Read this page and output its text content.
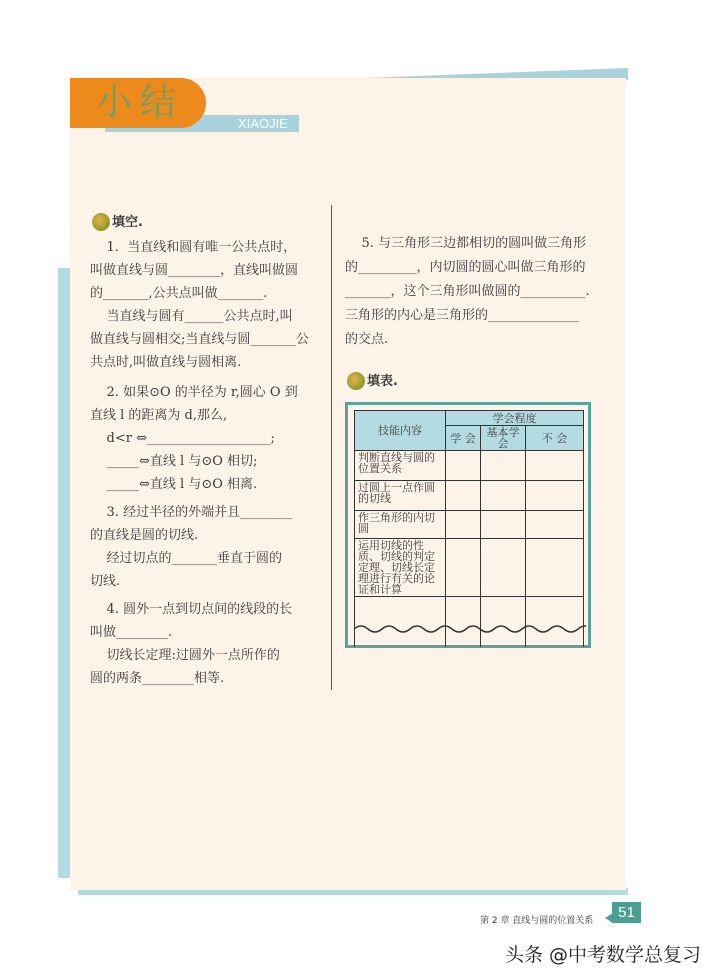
XIAOJIE
小结
填空.
1.  当直线和圆有唯一公共点时，
叫做直线与圆________，直线叫做圆
的_______,公共点叫做_______.
当直线与圆有______公共点时,叫
做直线与圆相交;当直线与圆_______公
共点时,叫做直线与圆相离.
2. 如果⊙O 的半径为 r,圆心 O 到
直线 l 的距离为 d,那么,
d<r ⇔___________________;
_____⇔直线 l 与⊙O 相切;
_____⇔直线 l 与⊙O 相离.
3. 经过半径的外端并且________
的直线是圆的切线.
经过切点的_______垂直于圆的
切线.
4. 圆外一点到切点间的线段的长
叫做________.
切线长定理:过圆外一点所作的
圆的两条________相等.
5. 与三角形三边都相切的圆叫做三角形
的_________，内切圆的圆心叫做三角形的
_______，这个三角形叫做圆的__________.
三角形的内心是三角形的______________
的交点.
填表.
技能内容	学会程度		
	学 会	基本学会	不 会
判断直线与圆的位置关系			
过圆上一点作圆的切线			
作三角形的内切圆			
运用切线的性质、切线的判定定理、切线长定理进行有关的论证和计算			

第 2 章 直线与圆的位置关系	51
头条 @中考数学总复习
